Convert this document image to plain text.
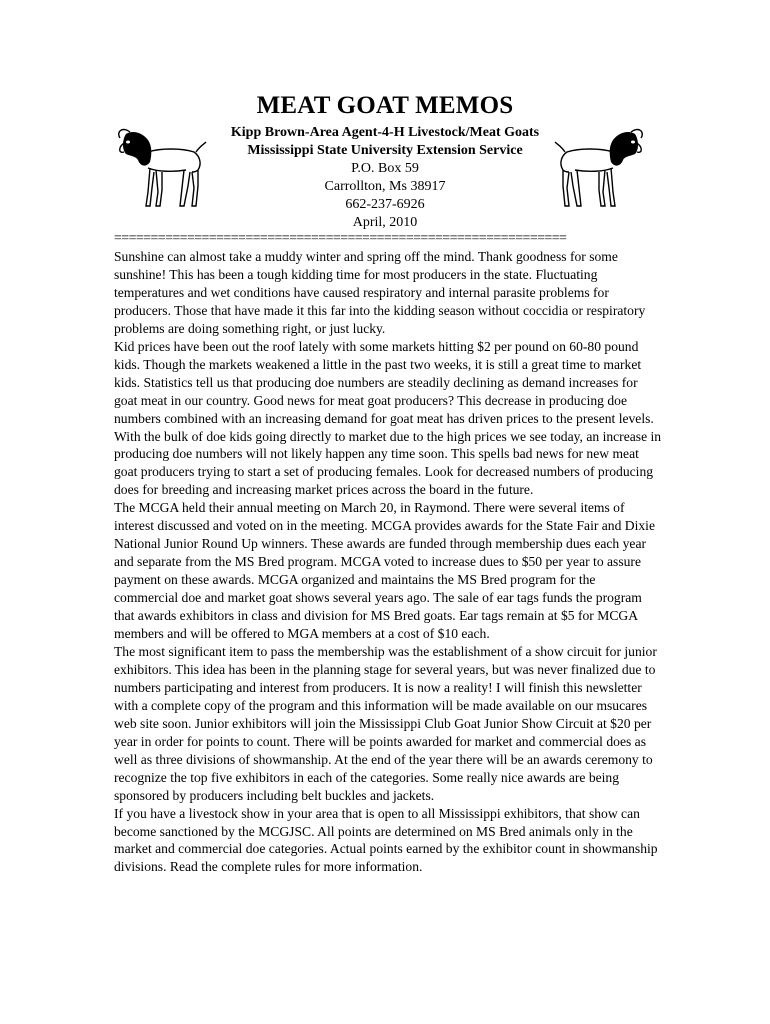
MEAT GOAT MEMOS
Kipp Brown-Area Agent-4-H Livestock/Meat Goats
Mississippi State University Extension Service
P.O. Box 59
Carrollton, Ms 38917
662-237-6926
April, 2010
==============================================================

Sunshine can almost take a muddy winter and spring off the mind. Thank goodness for some sunshine! This has been a tough kidding time for most producers in the state. Fluctuating temperatures and wet conditions have caused respiratory and internal parasite problems for producers. Those that have made it this far into the kidding season without coccidia or respiratory problems are doing something right, or just lucky.

Kid prices have been out the roof lately with some markets hitting $2 per pound on 60-80 pound kids. Though the markets weakened a little in the past two weeks, it is still a great time to market kids. Statistics tell us that producing doe numbers are steadily declining as demand increases for goat meat in our country. Good news for meat goat producers? This decrease in producing doe numbers combined with an increasing demand for goat meat has driven prices to the present levels. With the bulk of doe kids going directly to market due to the high prices we see today, an increase in producing doe numbers will not likely happen any time soon. This spells bad news for new meat goat producers trying to start a set of producing females. Look for decreased numbers of producing does for breeding and increasing market prices across the board in the future.

The MCGA held their annual meeting on March 20, in Raymond. There were several items of interest discussed and voted on in the meeting. MCGA provides awards for the State Fair and Dixie National Junior Round Up winners. These awards are funded through membership dues each year and separate from the MS Bred program. MCGA voted to increase dues to $50 per year to assure payment on these awards. MCGA organized and maintains the MS Bred program for the commercial doe and market goat shows several years ago. The sale of ear tags funds the program that awards exhibitors in class and division for MS Bred goats. Ear tags remain at $5 for MCGA members and will be offered to MGA members at a cost of $10 each.

The most significant item to pass the membership was the establishment of a show circuit for junior exhibitors. This idea has been in the planning stage for several years, but was never finalized due to numbers participating and interest from producers. It is now a reality! I will finish this newsletter with a complete copy of the program and this information will be made available on our msucares web site soon. Junior exhibitors will join the Mississippi Club Goat Junior Show Circuit at $20 per year in order for points to count. There will be points awarded for market and commercial does as well as three divisions of showmanship. At the end of the year there will be an awards ceremony to recognize the top five exhibitors in each of the categories. Some really nice awards are being sponsored by producers including belt buckles and jackets.

If you have a livestock show in your area that is open to all Mississippi exhibitors, that show can become sanctioned by the MCGJSC. All points are determined on MS Bred animals only in the market and commercial doe categories. Actual points earned by the exhibitor count in showmanship divisions. Read the complete rules for more information.
